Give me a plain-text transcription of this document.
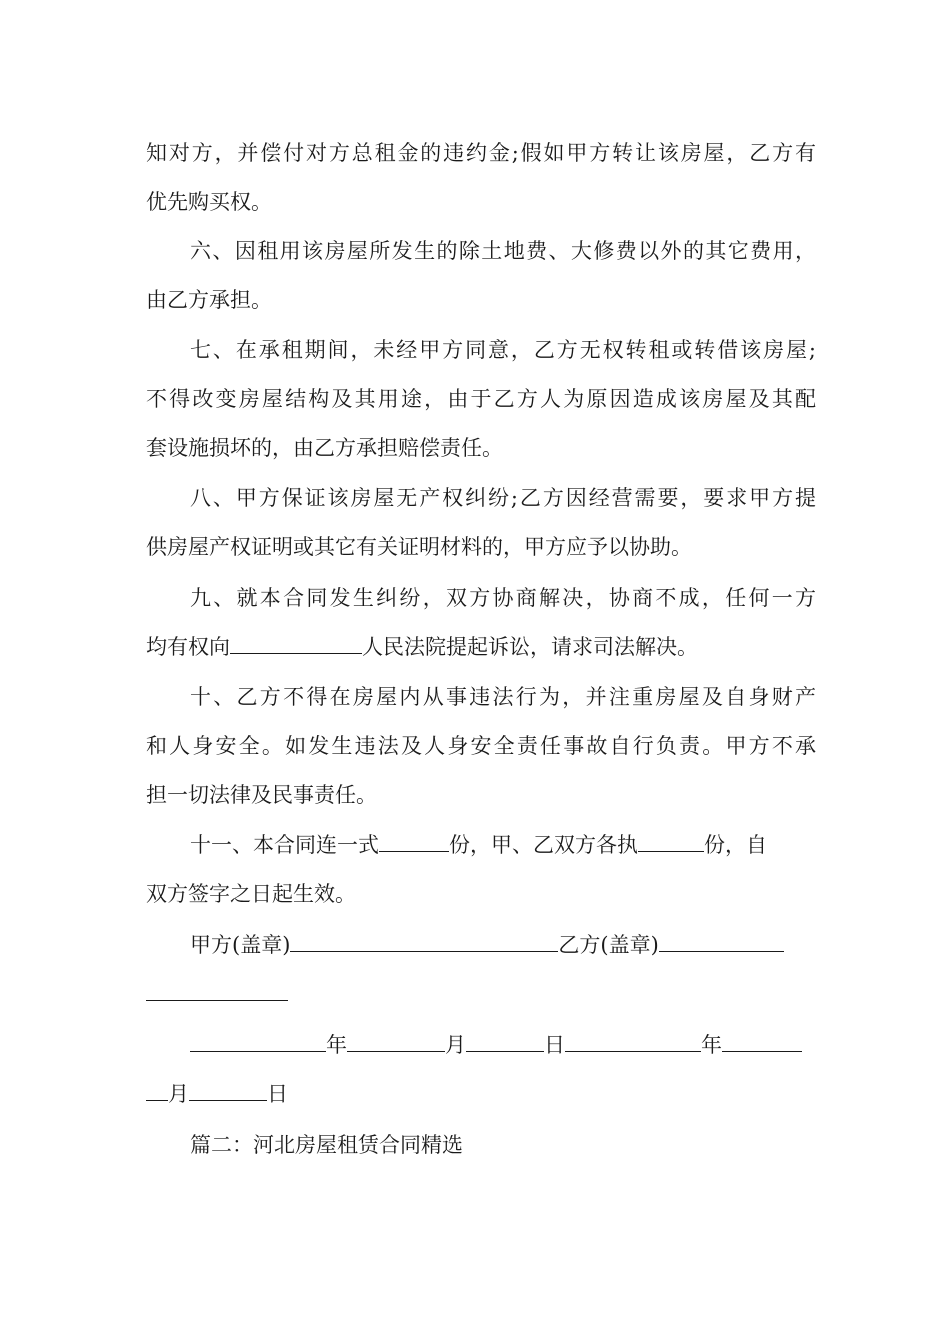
知对方，并偿付对方总租金的违约金;假如甲方转让该房屋，乙方有
优先购买权。
六、因租用该房屋所发生的除土地费、大修费以外的其它费用，
由乙方承担。
七、在承租期间，未经甲方同意，乙方无权转租或转借该房屋;
不得改变房屋结构及其用途，由于乙方人为原因造成该房屋及其配
套设施损坏的，由乙方承担赔偿责任。
八、甲方保证该房屋无产权纠纷;乙方因经营需要，要求甲方提
供房屋产权证明或其它有关证明材料的，甲方应予以协助。
九、就本合同发生纠纷，双方协商解决，协商不成，任何一方
均有权向	人民法院提起诉讼，请求司法解决。
十、乙方不得在房屋内从事违法行为，并注重房屋及自身财产
和人身安全。如发生违法及人身安全责任事故自行负责。甲方不承
担一切法律及民事责任。
十一、本合同连一式	份，甲、乙双方各执	份，自
双方签字之日起生效。
甲方(盖章)	乙方(盖章)
年	月	日	年
月	日
篇二：河北房屋租赁合同精选
